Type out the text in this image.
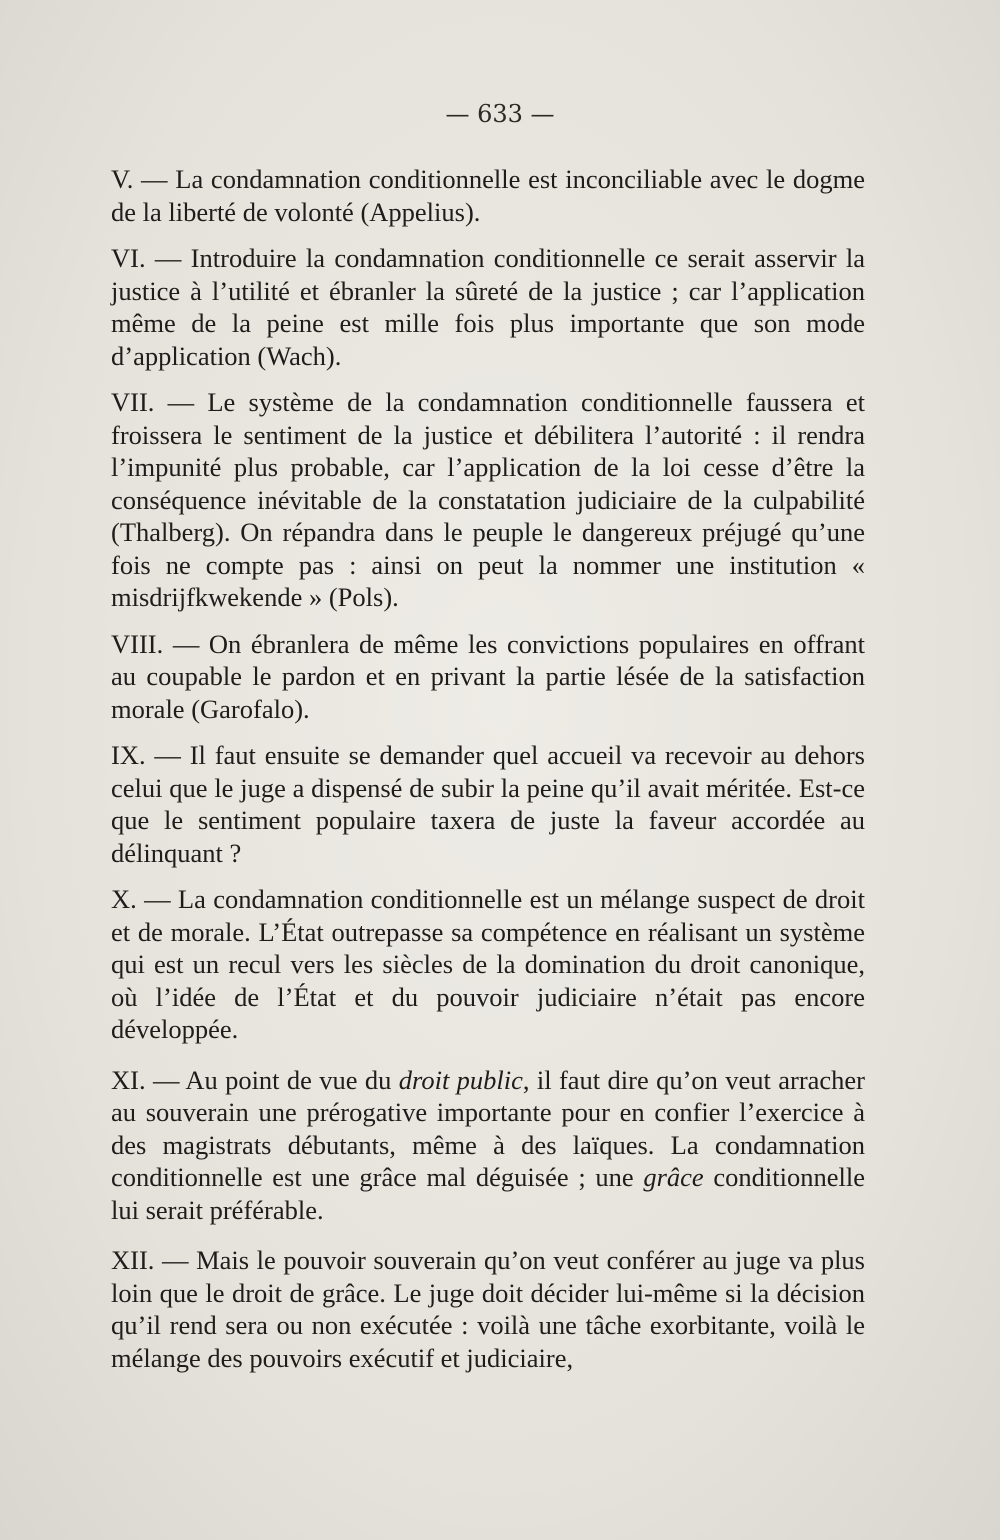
— 633 —

V. — La condamnation conditionnelle est inconciliable avec le dogme de la liberté de volonté (Appelius).

VI. — Introduire la condamnation conditionnelle ce serait asservir la justice à l’utilité et ébranler la sûreté de la justice ; car l’application même de la peine est mille fois plus importante que son mode d’application (Wach).

VII. — Le système de la condamnation conditionnelle faussera et froissera le sentiment de la justice et débilitera l’autorité : il rendra l’impunité plus probable, car l’application de la loi cesse d’être la conséquence inévitable de la constatation judiciaire de la culpabilité (Thalberg). On répandra dans le peuple le dangereux préjugé qu’une fois ne compte pas : ainsi on peut la nommer une institution « misdrijfkwekende » (Pols).

VIII. — On ébranlera de même les convictions populaires en offrant au coupable le pardon et en privant la partie lésée de la satisfaction morale (Garofalo).

IX. — Il faut ensuite se demander quel accueil va recevoir au dehors celui que le juge a dispensé de subir la peine qu’il avait méritée. Est-ce que le sentiment populaire taxera de juste la faveur accordée au délinquant ?

X. — La condamnation conditionnelle est un mélange suspect de droit et de morale. L’État outrepasse sa compétence en réalisant un système qui est un recul vers les siècles de la domination du droit canonique, où l’idée de l’État et du pouvoir judiciaire n’était pas encore développée.

XI. — Au point de vue du droit public, il faut dire qu’on veut arracher au souverain une prérogative importante pour en confier l’exercice à des magistrats débutants, même à des laïques. La condamnation conditionnelle est une grâce mal déguisée ; une grâce conditionnelle lui serait préférable.

XII. — Mais le pouvoir souverain qu’on veut conférer au juge va plus loin que le droit de grâce. Le juge doit décider lui-même si la décision qu’il rend sera ou non exécutée : voilà une tâche exorbitante, voilà le mélange des pouvoirs exécutif et judiciaire,
